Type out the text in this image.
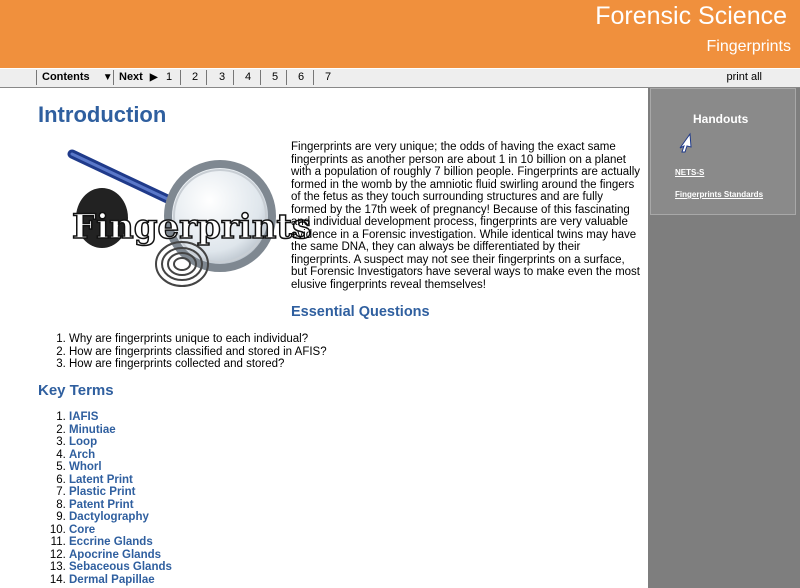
Forensic Science
Fingerprints
Contents ▼ Next ▶ 1 2 3 4 5 6 7	print all
Introduction
Fingerprints

Fingerprints are very unique; the odds of having the exact same fingerprints as another person are about 1 in 10 billion on a planet with a population of roughly 7 billion people. Fingerprints are actually formed in the womb by the amniotic fluid swirling around the fingers of the fetus as they touch surrounding structures and are fully formed by the 17th week of pregnancy! Because of this fascinating and individual development process, fingerprints are very valuable evidence in a Forensic investigation. While identical twins may have the same DNA, they can always be differentiated by their fingerprints. A suspect may not see their fingerprints on a surface, but Forensic Investigators have several ways to make even the most elusive fingerprints reveal themselves!

Essential Questions
1. Why are fingerprints unique to each individual?
2. How are fingerprints classified and stored in AFIS?
3. How are fingerprints collected and stored?
Key Terms
1. IAFIS
2. Minutiae
3. Loop
4. Arch
5. Whorl
6. Latent Print
7. Plastic Print
8. Patent Print
9. Dactylography
10. Core
11. Eccrine Glands
12. Apocrine Glands
13. Sebaceous Glands
14. Dermal Papillae
Handouts
NETS-S
Fingerprints Standards
